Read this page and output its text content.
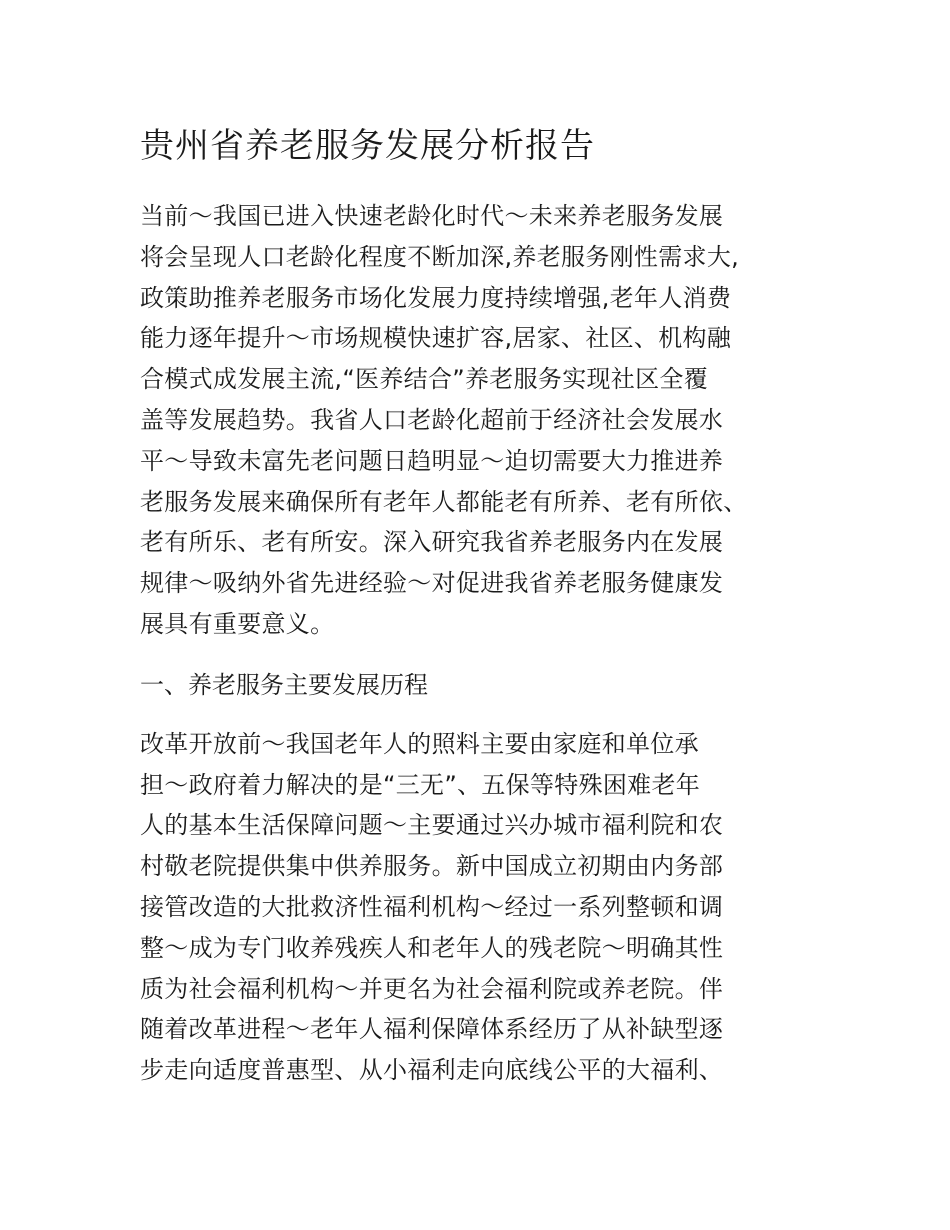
贵州省养老服务发展分析报告

当前～我国已进入快速老龄化时代～未来养老服务发展
将会呈现人口老龄化程度不断加深,养老服务刚性需求大,
政策助推养老服务市场化发展力度持续增强,老年人消费
能力逐年提升～市场规模快速扩容,居家、社区、机构融
合模式成发展主流,“医养结合”养老服务实现社区全覆
盖等发展趋势。我省人口老龄化超前于经济社会发展水
平～导致未富先老问题日趋明显～迫切需要大力推进养
老服务发展来确保所有老年人都能老有所养、老有所依、
老有所乐、老有所安。深入研究我省养老服务内在发展
规律～吸纳外省先进经验～对促进我省养老服务健康发
展具有重要意义。

一、养老服务主要发展历程

改革开放前～我国老年人的照料主要由家庭和单位承
担～政府着力解决的是“三无”、五保等特殊困难老年
人的基本生活保障问题～主要通过兴办城市福利院和农
村敬老院提供集中供养服务。新中国成立初期由内务部
接管改造的大批救济性福利机构～经过一系列整顿和调
整～成为专门收养残疾人和老年人的残老院～明确其性
质为社会福利机构～并更名为社会福利院或养老院。伴
随着改革进程～老年人福利保障体系经历了从补缺型逐
步走向适度普惠型、从小福利走向底线公平的大福利、
